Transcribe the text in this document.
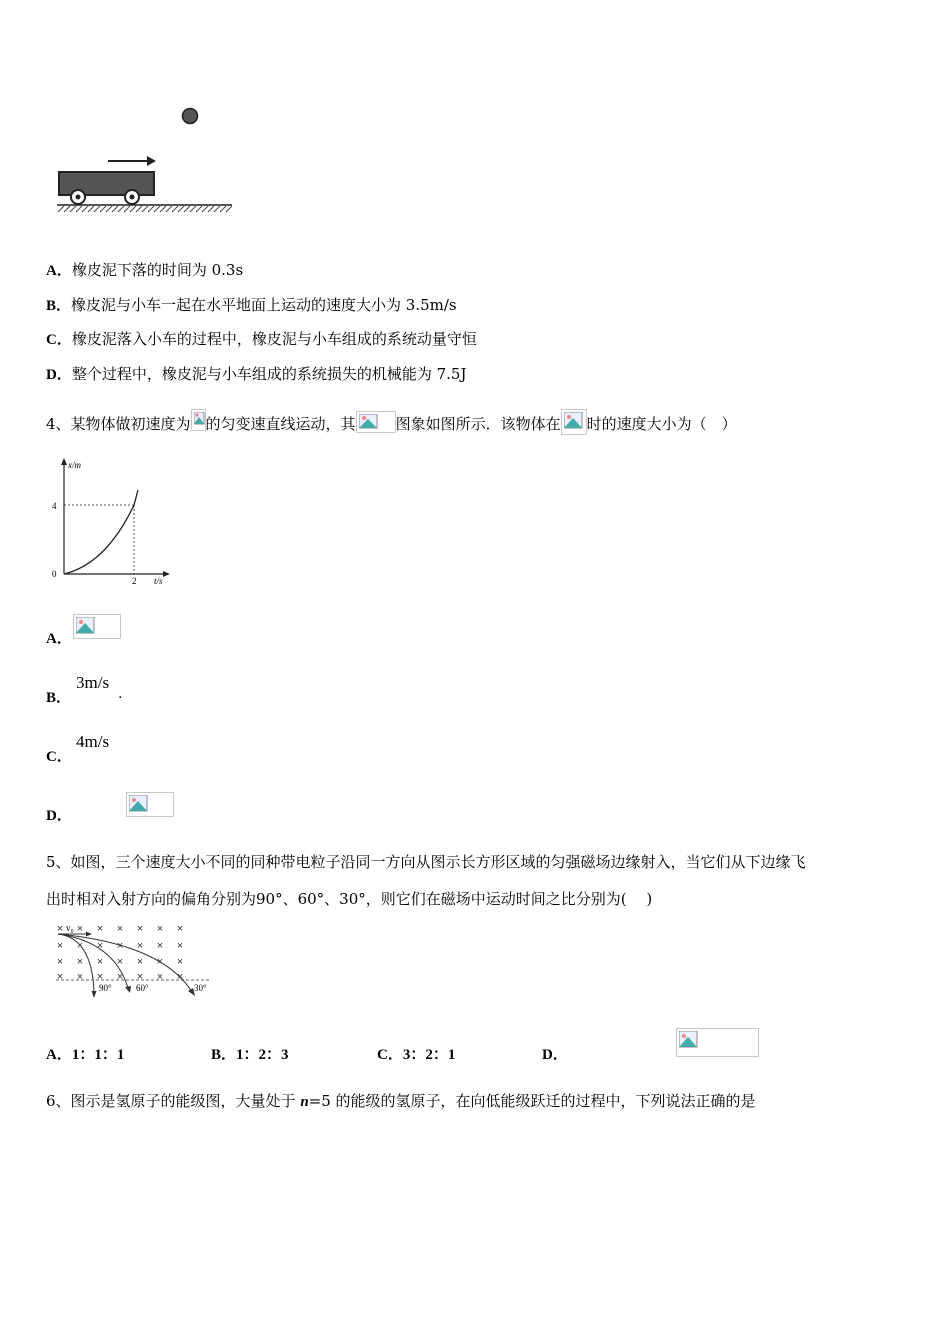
A．橡皮泥下落的时间为 0.3s
B．橡皮泥与小车一起在水平地面上运动的速度大小为 3.5m/s
C．橡皮泥落入小车的过程中，橡皮泥与小车组成的系统动量守恒
D．整个过程中，橡皮泥与小车组成的系统损失的机械能为 7.5J
4、某物体做初速度为 的匀变速直线运动，其	图象如图所示．该物体在 时的速度大小为（　）
x/m
t/s
4
2
0
A．

B．
3m/s
.
C．
4m/s
D．

5、如图，三个速度大小不同的同种带电粒子沿同一方向从图示长方形区域的匀强磁场边缘射入，当它们从下边缘飞
出时相对入射方向的偏角分别为90°、60°、30°，则它们在磁场中运动时间之比分别为(　 )
× × × × × × ×
× × × × × × ×
× × × × × × ×
× × × × × × ×
v₀
90°	60°	30°
A．1：1：1	B．1：2：3	C．3：2：1	D．
6、图示是氢原子的能级图，大量处于 n=5 的能级的氢原子，在向低能级跃迁的过程中，下列说法正确的是
